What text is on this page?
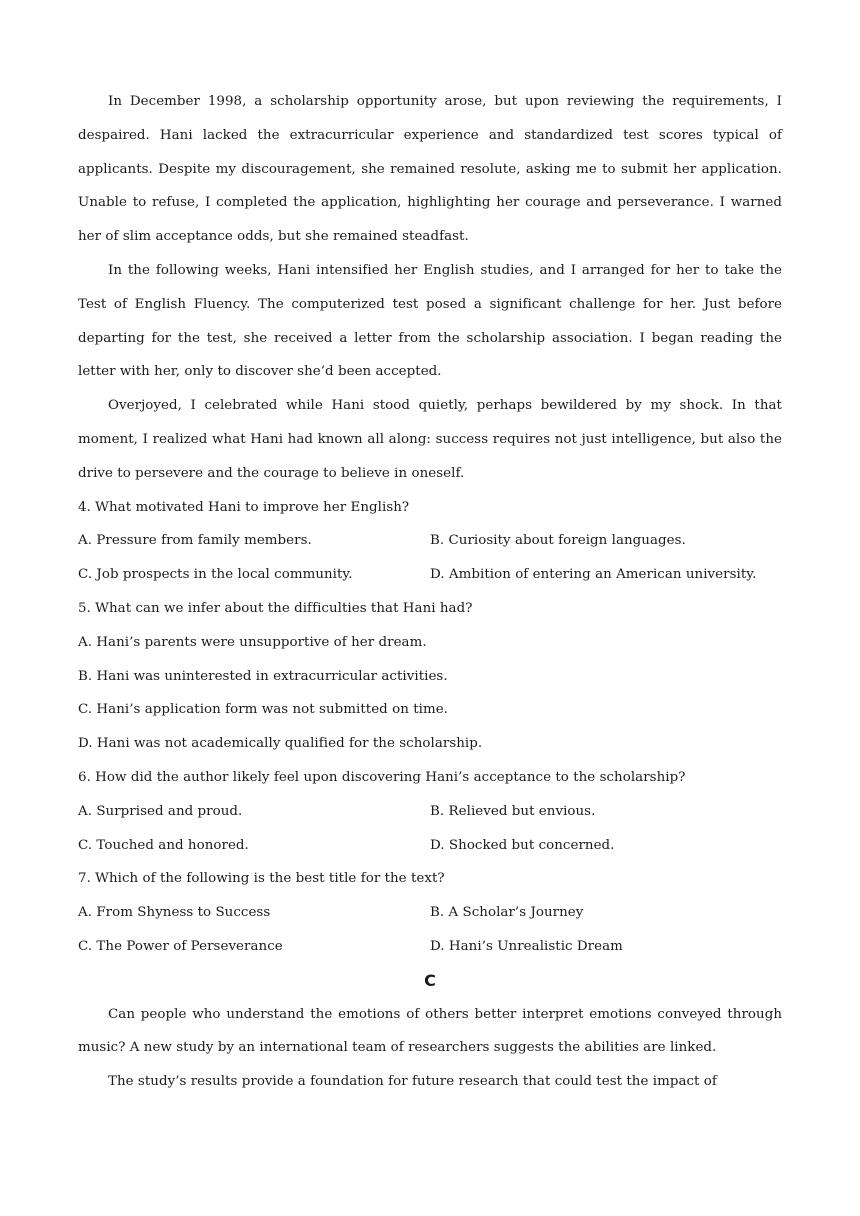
In December 1998, a scholarship opportunity arose, but upon reviewing the requirements, I despaired. Hani lacked the extracurricular experience and standardized test scores typical of applicants. Despite my discouragement, she remained resolute, asking me to submit her application. Unable to refuse, I completed the application, highlighting her courage and perseverance. I warned her of slim acceptance odds, but she remained steadfast.

In the following weeks, Hani intensified her English studies, and I arranged for her to take the Test of English Fluency. The computerized test posed a significant challenge for her. Just before departing for the test, she received a letter from the scholarship association. I began reading the letter with her, only to discover she’d been accepted.

Overjoyed, I celebrated while Hani stood quietly, perhaps bewildered by my shock. In that moment, I realized what Hani had known all along: success requires not just intelligence, but also the drive to persevere and the courage to believe in oneself.

4. What motivated Hani to improve her English?

A. Pressure from family members.	B. Curiosity about foreign languages.
C. Job prospects in the local community.	D. Ambition of entering an American university.

5. What can we infer about the difficulties that Hani had?

A. Hani’s parents were unsupportive of her dream.

B. Hani was uninterested in extracurricular activities.

C. Hani’s application form was not submitted on time.

D. Hani was not academically qualified for the scholarship.

6. How did the author likely feel upon discovering Hani’s acceptance to the scholarship?

A. Surprised and proud.	B. Relieved but envious.
C. Touched and honored.	D. Shocked but concerned.

7. Which of the following is the best title for the text?

A. From Shyness to Success	B. A Scholar’s Journey
C. The Power of Perseverance	D. Hani’s Unrealistic Dream

C

Can people who understand the emotions of others better interpret emotions conveyed through music? A new study by an international team of researchers suggests the abilities are linked.

The study’s results provide a foundation for future research that could test the impact of
